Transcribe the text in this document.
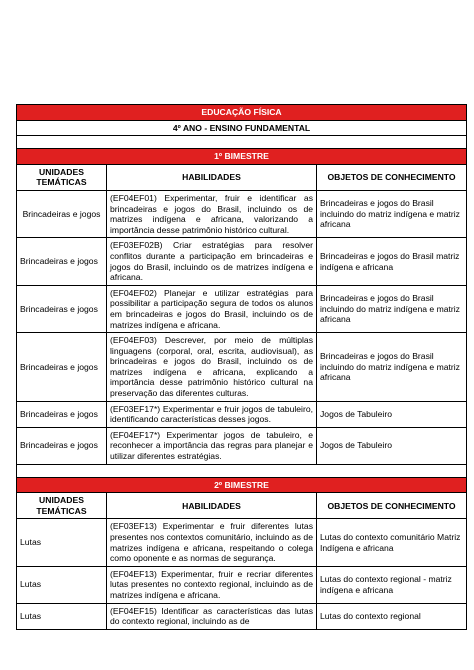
EDUCAÇÃO FÍSICA		
4º ANO - ENSINO FUNDAMENTAL		

1º BIMESTRE		
UNIDADES TEMÁTICAS	HABILIDADES	OBJETOS DE CONHECIMENTO
Brincadeiras e jogos	(EF04EF01) Experimentar, fruir e identificar as brincadeiras e jogos do Brasil, incluindo os de matrizes indígena e africana, valorizando a importância desse patrimônio histórico cultural.	Brincadeiras e jogos do Brasil incluindo do matriz indígena e matriz africana
Brincadeiras e jogos	(EF03EF02B) Criar estratégias para resolver conflitos durante a participação em brincadeiras e jogos do Brasil, incluindo os de matrizes indígena e africana.	Brincadeiras e jogos do Brasil matriz indígena e africana
Brincadeiras e jogos	(EF04EF02) Planejar e utilizar estratégias para possibilitar a participação segura de todos os alunos em brincadeiras e jogos do Brasil, incluindo os de matrizes indígena e africana.	Brincadeiras e jogos do Brasil incluindo do matriz indígena e matriz africana
Brincadeiras e jogos	(EF04EF03) Descrever, por meio de múltiplas linguagens (corporal, oral, escrita, audiovisual), as brincadeiras e jogos do Brasil, incluindo os de matrizes indígena e africana, explicando a importância desse patrimônio histórico cultural na preservação das diferentes culturas.	Brincadeiras e jogos do Brasil incluindo do matriz indígena e matriz africana
Brincadeiras e jogos	(EF03EF17*) Experimentar e fruir jogos de tabuleiro, identificando características desses jogos.	Jogos de Tabuleiro
Brincadeiras e jogos	(EF04EF17*) Experimentar jogos de tabuleiro, e reconhecer a importância das regras para planejar e utilizar diferentes estratégias.	Jogos de Tabuleiro

2º BIMESTRE		
UNIDADES TEMÁTICAS	HABILIDADES	OBJETOS DE CONHECIMENTO
Lutas	(EF03EF13) Experimentar e fruir diferentes lutas presentes nos contextos comunitário, incluindo as de matrizes indígena e africana, respeitando o colega como oponente e as normas de segurança.	Lutas do contexto comunitário Matriz Indígena e africana
Lutas	(EF04EF13) Experimentar, fruir e recriar diferentes lutas presentes no contexto regional, incluindo as de matrizes indígena e africana.	Lutas do contexto regional - matriz indígena e africana
Lutas	(EF04EF15) Identificar as características das lutas do contexto regional, incluindo as de	Lutas do contexto regional
